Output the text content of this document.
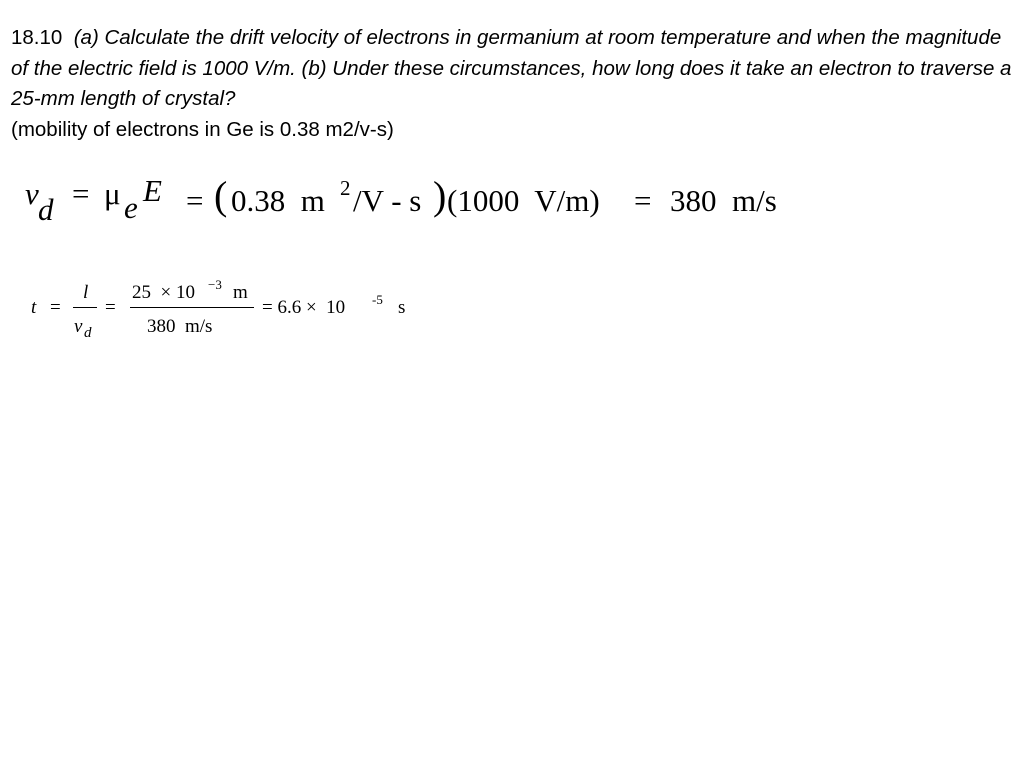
18.10 (a) Calculate the drift velocity of electrons in germanium at room temperature and when the magnitude of the electric field is 1000 V/m. (b) Under these circumstances, how long does it take an electron to traverse a 25-mm length of crystal?
(mobility of electrons in Ge is 0.38 m2/v-s)
v d = μ e E = ( 0.38  m 2 /V - s ) (1000  V/m) = 380  m/s
t =
l
v d
=
25  × 10 −3 m
380  m/s
= 6.6 ×  10 -5 s
